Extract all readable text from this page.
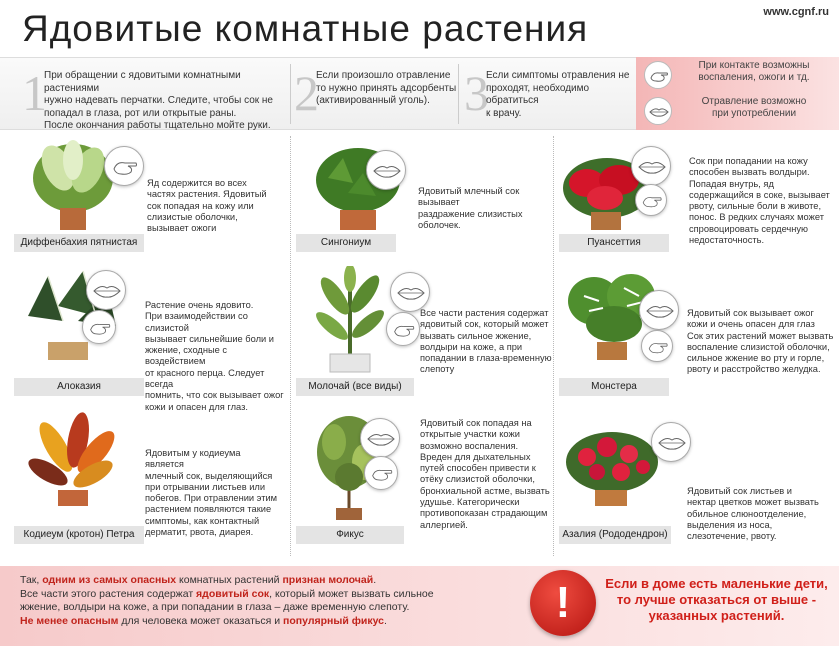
Ядовитые комнатные растения	www.cgnf.ru
1
При обращении с ядовитыми комнатными растениями
нужно надевать перчатки. Следите, чтобы сок не
попадал в глаза, рот или открытые раны.
После окончания работы тщательно мойте руки.
2
Если произошло отравление
то нужно принять адсорбенты
(активированный уголь). 3
Если симптомы отравления не
проходят, необходимо обратиться
к врачу.
При контакте возможны
воспаления, ожоги и тд.
Отравление возможно
при употреблении
Яд содержится во всех
частях растения. Ядовитый
сок попадая на кожу или
слизистые оболочки,
вызывает ожоги
Диффенбахия пятнистая
Ядовитый млечный сок вызывает
раздражение слизистых
оболочек.
Сингониум
Сок при попадании на кожу
способен вызвать волдыри.
Попадая внутрь, яд
содержащийся в соке, вызывает
рвоту, сильные боли в животе,
понос. В редких случаях может
спровоцировать сердечную
недостаточность.
Пуансеттия
Растение очень ядовито.
При взаимодействии со слизистой
вызывает сильнейшие боли и
жжение, сходные с воздействием
от красного перца. Следует всегда
помнить, что сок вызывает ожог
кожи и опасен для глаз.
Алоказия
Все части растения содержат
ядовитый сок, который может
вызвать сильное жжение,
волдыри на коже, а при
попадании в глаза-временную
слепоту
Молочай (все виды)
Ядовитый сок вызывает ожог
кожи и очень опасен для глаз
Сок этих растений может вызвать
воспаление слизистой оболочки,
сильное жжение во рту и горле,
рвоту и расстройство желудка.
Монстера
Ядовитым у кодиеума является
млечный сок, выделяющийся
при отрывании листьев или
побегов. При отравлении этим
растением появляются такие
симптомы, как контактный
дерматит, рвота, диарея.
Кодиеум (кротон) Петра
Ядовитый сок попадая на
открытые участки кожи
возможно воспаления.
Вреден для дыхательных
путей способен привести к
отёку слизистой оболочки,
бронхиальной астме, вызвать
удушье. Категорически
противопоказан страдающим
аллергией.
Фикус
Ядовитый сок листьев и
нектар цветков может вызвать
обильное слюноотделение,
выделения из носа,
слезотечение, рвоту.
Азалия (Рододендрон)
Так, одним из самых опасных комнатных растений признан молочай.
Все части этого растения содержат ядовитый сок, который может вызвать сильное
жжение, волдыри на коже, а при попадании в глаза – даже временную слепоту.
Не менее опасным для человека может оказаться и популярный фикус.	!	Если в доме есть маленькие дети,
то лучше отказаться от выше -
указанных растений.
